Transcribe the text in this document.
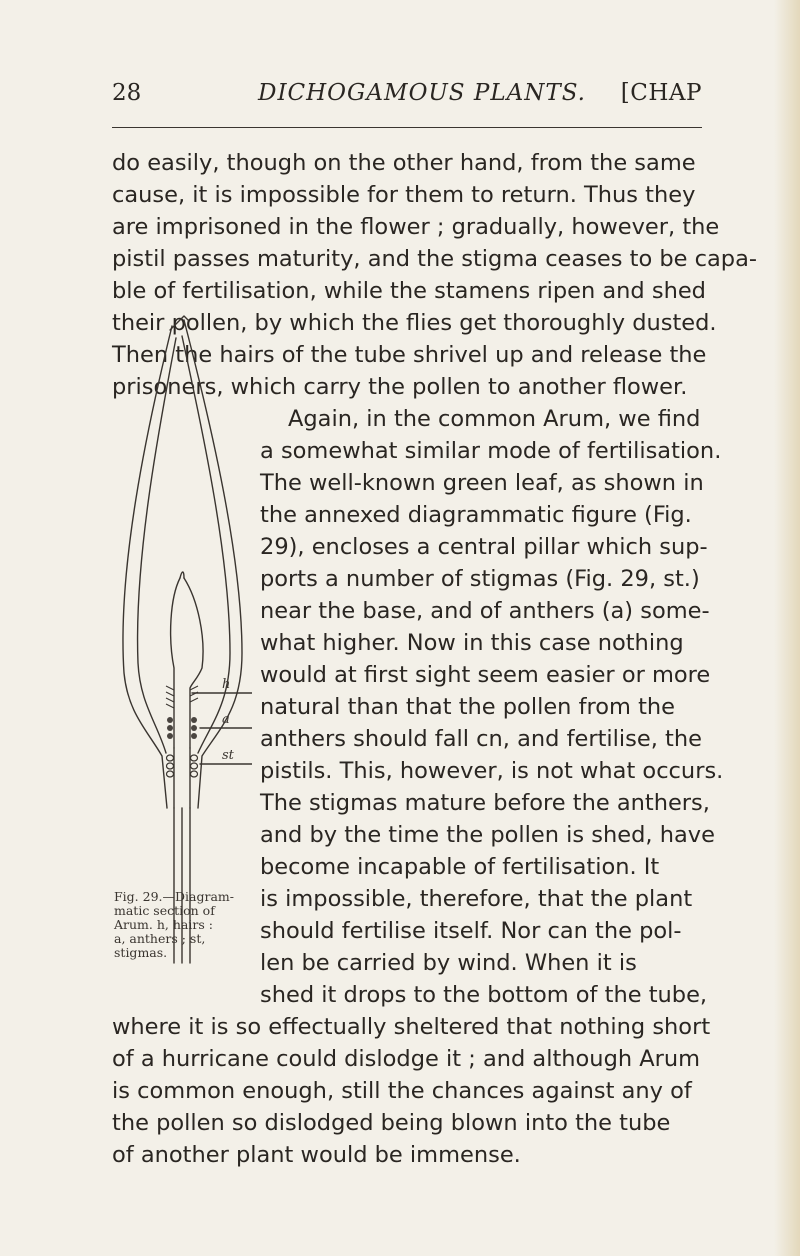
28	DICHOGAMOUS PLANTS. [CHAP
do easily, though on the other hand, from the same
cause, it is impossible for them to return. Thus they
are imprisoned in the flower ; gradually, however, the
pistil passes maturity, and the stigma ceases to be capa-
ble of fertilisation, while the stamens ripen and shed
their pollen, by which the flies get thoroughly dusted.
Then the hairs of the tube shrivel up and release the
prisoners, which carry the pollen to another flower.
Again, in the common Arum, we find
a somewhat similar mode of fertilisation.
The well-known green leaf, as shown in
the annexed diagrammatic figure (Fig.
29), encloses a central pillar which sup-
ports a number of stigmas (Fig. 29, st.)
near the base, and of anthers (a) some-
what higher. Now in this case nothing
would at first sight seem easier or more
natural than that the pollen from the
anthers should fall cn, and fertilise, the
pistils. This, however, is not what occurs.
The stigmas mature before the anthers,
and by the time the pollen is shed, have
become incapable of fertilisation. It
is impossible, therefore, that the plant
should fertilise itself. Nor can the pol-
len be carried by wind. When it is
shed it drops to the bottom of the tube,
where it is so effectually sheltered that nothing short
of a hurricane could dislodge it ; and although Arum
is common enough, still the chances against any of
the pollen so dislodged being blown into the tube
of another plant would be immense.
h
a
st
Fig. 29.—Diagram-
matic section of
Arum. h, hairs :
a, anthers ; st,
stigmas.
